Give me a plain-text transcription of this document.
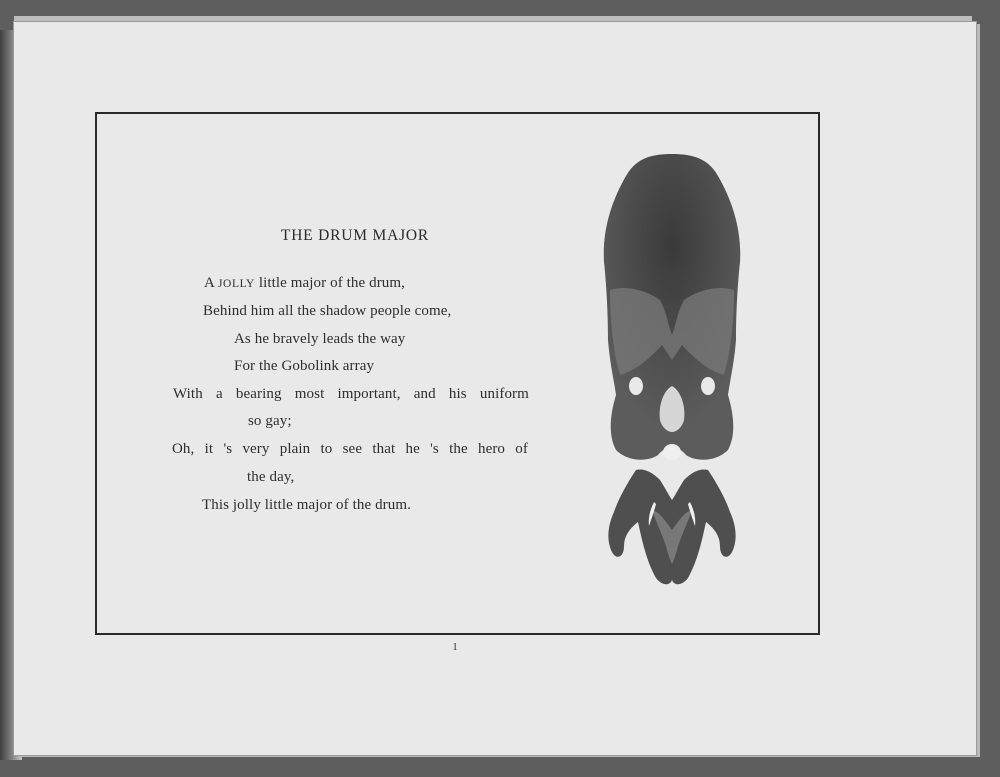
THE DRUM MAJOR
A JOLLY little major of the drum,
Behind him all the shadow people come,
As he bravely leads the way
For the Gobolink array
With a bearing most important, and his uniform
so gay;
Oh, it 's very plain to see that he 's the hero of
the day,
This jolly little major of the drum.
1
